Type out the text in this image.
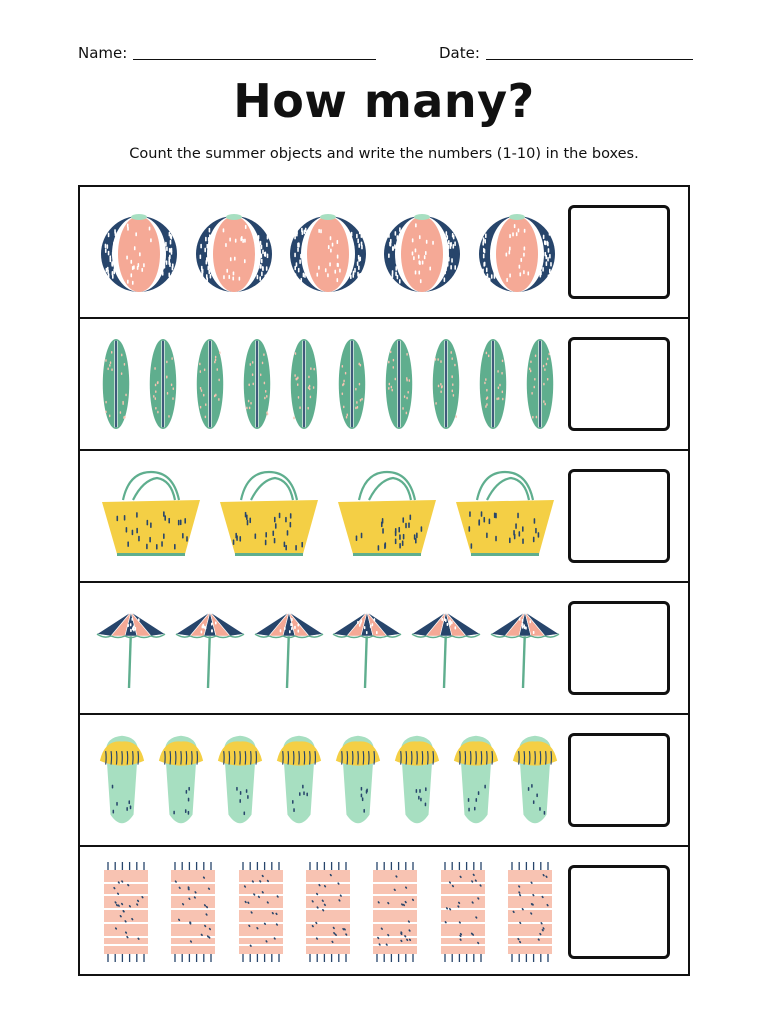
Name:	Date:
How many?
Count the summer objects and write the numbers (1-10) in the boxes.
